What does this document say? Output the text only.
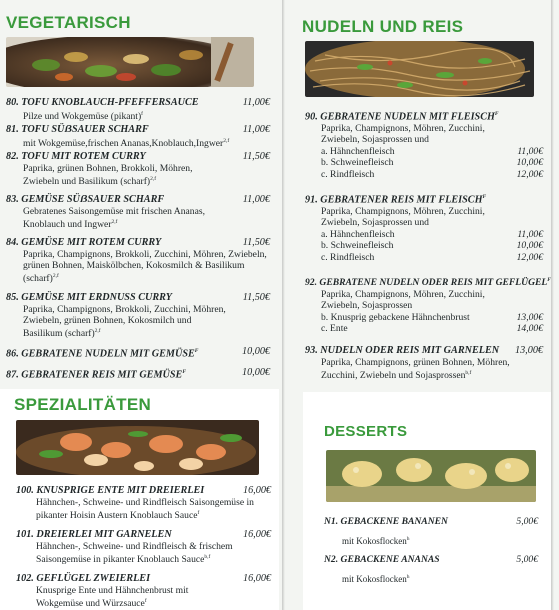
VEGETARISCH
80. TOFU KNOBLAUCH-PFEFFERSAUCE	11,00€
Pilze und Wokgemüse (pikant)$^f$
81. TOFU SÜẞSAUER SCHARF	11,00€
mit Wokgemüse,frischen Ananas,Knoblauch,Ingwer$^{2,f}$
82. TOFU MIT ROTEM CURRY	11,50€
Paprika, grünen Bohnen, Brokkoli, Möhren, Zwiebeln und Basilikum (scharf)$^{2,f}$
83. GEMÜSE SÜẞSAUER SCHARF	11,00€
Gebratenes Saisongemüse mit frischen Ananas, Knoblauch und Ingwer$^{2,f}$
84. GEMÜSE MIT ROTEM CURRY	11,50€
Paprika, Champignons, Brokkoli, Zucchini, Möhren, Zwiebeln, grünen Bohnen, Maiskölbchen, Kokosmilch & Basilikum (scharf)$^{2,f}$
85. GEMÜSE MIT ERDNUSS CURRY	11,50€
Paprika, Champignons, Brokkoli, Zucchini, Möhren, Zwiebeln, grünen Bohnen, Kokosmilch und Basilikum (scharf)$^{2,f}$
86. GEBRATENE NUDELN MIT $GEMÜSE^F$	10,00€
87. GEBRATENER REIS MIT $GEMÜSE^F$	10,00€
NUDELN UND REIS
90. GEBRATENE NUDELN MIT $FLEISCH^F$
Paprika, Champignons, Möhren, Zucchini, Zwiebeln, Sojasprossen und
a. Hähnchenfleisch	11,00€
b. Schweinefleisch	10,00€
c. Rindfleisch	12,00€
91. GEBRATENER REIS MIT $FLEISCH^F$
Paprika, Champignons, Möhren, Zucchini, Zwiebeln, Sojasprossen und
a. Hähnchenfleisch	11,00€
b. Schweinefleisch	10,00€
c. Rindfleisch	12,00€
92. GEBRATENE NUDELN ODER REIS MIT $GEFLÜGEL^F$
Paprika, Champignons, Möhren, Zucchini, Zwiebeln, Sojasprossen
b. Knusprig gebackene Hähnchenbrust	13,00€
c. Ente	14,00€
93. NUDELN ODER REIS MIT GARNELEN 13,00€
Paprika, Champignons, grünen Bohnen, Möhren, Zucchini, Zwiebeln und Sojasprossen$^{b,f}$
SPEZIALITÄTEN
100. KNUSPRIGE ENTE MIT DREIERLEI	16,00€
Hähnchen-, Schweine- und Rindfleisch Saisongemüse in pikanter Hoisin Austern Knoblauch Sauce$^f$
101. DREIERLEI MIT GARNELEN	16,00€
Hähnchen-, Schweine- und Rindfleisch & frischem Saisongemüse in pikanter Knoblauch Sauce$^{b,f}$
102. GEFLÜGEL ZWEIERLEI	16,00€
Knusprige Ente und Hähnchenbrust mit Wokgemüse und Würzsauce$^f$
DESSERTS
N1. GEBACKENE BANANEN	5,00€
mit Kokosflocken$^h$
N2. GEBACKENE ANANAS	5,00€
mit Kokosflocken$^h$
